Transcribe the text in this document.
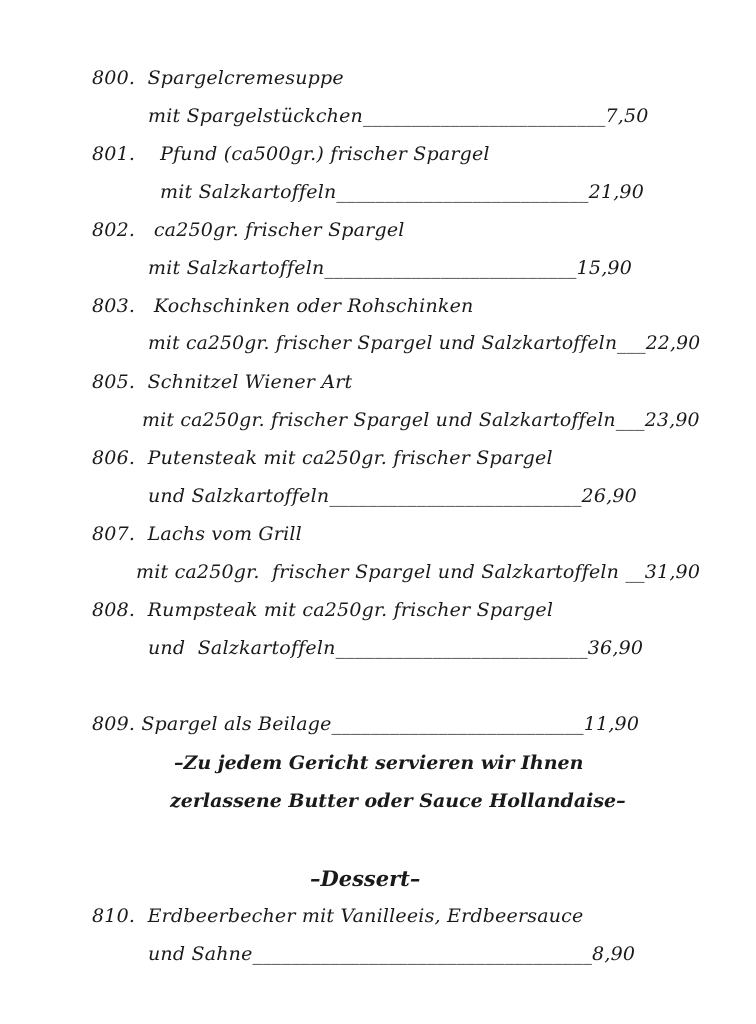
800.  Spargelcremesuppe
mit Spargelstückchen_________________________7,50
801.    Pfund (ca500gr.) frischer Spargel
mit Salzkartoffeln__________________________21,90
802.   ca250gr. frischer Spargel
mit Salzkartoffeln__________________________15,90
803.   Kochschinken oder Rohschinken
mit ca250gr. frischer Spargel und Salzkartoffeln___22,90
805.  Schnitzel Wiener Art
mit ca250gr. frischer Spargel und Salzkartoffeln___23,90
806.  Putensteak mit ca250gr. frischer Spargel
und Salzkartoffeln__________________________26,90
807.  Lachs vom Grill
mit ca250gr.  frischer Spargel und Salzkartoffeln __31,90
808.  Rumpsteak mit ca250gr. frischer Spargel
und  Salzkartoffeln__________________________36,90
809. Spargel als Beilage__________________________11,90
–Zu jedem Gericht servieren wir Ihnen
zerlassene Butter oder Sauce Hollandaise–
–Dessert–
810.  Erdbeerbecher mit Vanilleeis, Erdbeersauce
und Sahne___________________________________8,90
